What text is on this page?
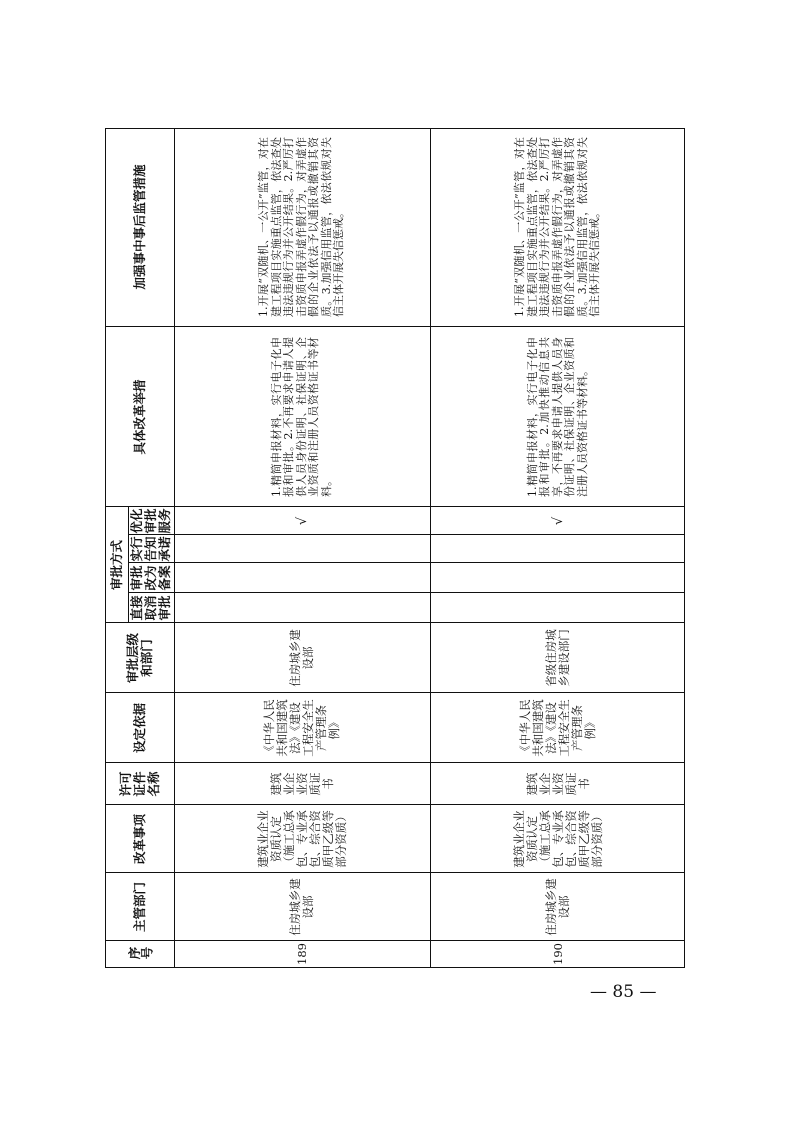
序号
主管部门
改革事项
许可证件名称
设定依据
审批层级和部门
审批方式
直接取消审批
审批改为备案
实行告知承诺
优化审批服务
具体改革举措
加强事中事后监管措施
189
住房城乡建设部
建筑业企业资质认定（施工总承包、专业承包、综合资质甲乙级等部分资质）
建筑业企业资质证书
《中华人民共和国建筑法》《建设工程安全生产管理条例》
住房城乡建设部
√
1.精简申报材料，实行电子化申报和审批。2.不再要求申请人提供人员身份证明、社保证明、企业资质和注册人员资格证书等材料。
1.开展“双随机、一公开”监管，对在建工程项目实施重点监管，依法查处违法违规行为并公开结果。2.严厉打击资质申报弄虚作假行为，对弄虚作假的企业依法予以通报或撤销其资质。3.加强信用监管，依法依规对失信主体开展失信惩戒。
190
住房城乡建设部
建筑业企业资质认定（施工总承包、专业承包、综合资质甲乙级等部分资质）
建筑业企业资质证书
《中华人民共和国建筑法》《建设工程安全生产管理条例》
省级住房城乡建设部门
√
1.精简申报材料，实行电子化申报和审批。2.加快推动信息共享，不再要求申请人提供人员身份证明、社保证明、企业资质和注册人员资格证书等材料。
1.开展“双随机、一公开”监管，对在建工程项目实施重点监管，依法查处违法违规行为并公开结果。2.严厉打击资质申报弄虚作假行为，对弄虚作假的企业依法予以通报或撤销其资质。3.加强信用监管，依法依规对失信主体开展失信惩戒。
— 85 —
